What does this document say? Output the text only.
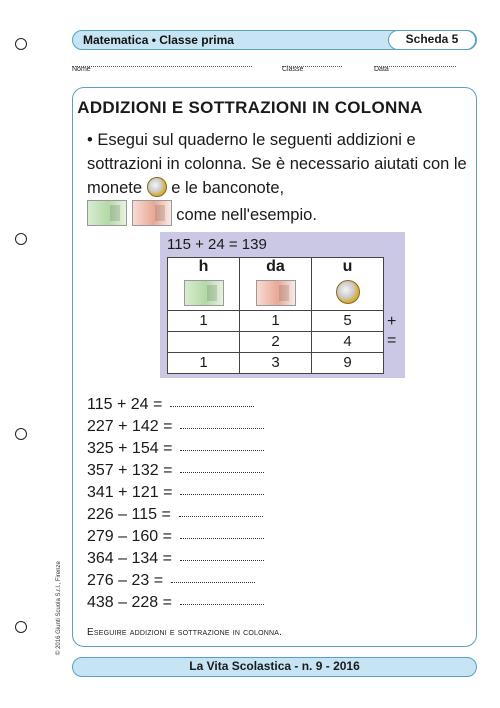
Matematica • Classe prima	Scheda 5
Nome	Classe	Data
ADDIZIONI E SOTTRAZIONI IN COLONNA
• Esegui sul quaderno le seguenti addizioni e sottrazioni in colonna. Se è necessario aiutati con le monete e le banconote,
come nell'esempio.
115 + 24 = 139
h	da	u

1	1	5
	2	4
1	3	9
+
=
115 + 24 =
227 + 142 =
325 + 154 =
357 + 132 =
341 + 121 =
226 – 115 =
279 – 160 =
364 – 134 =
276 – 23 =
438 – 228 =
Eseguire addizioni e sottrazione in colonna.
© 2016 Giunti Scuola S.r.l., Firenze
La Vita Scolastica - n. 9 - 2016
